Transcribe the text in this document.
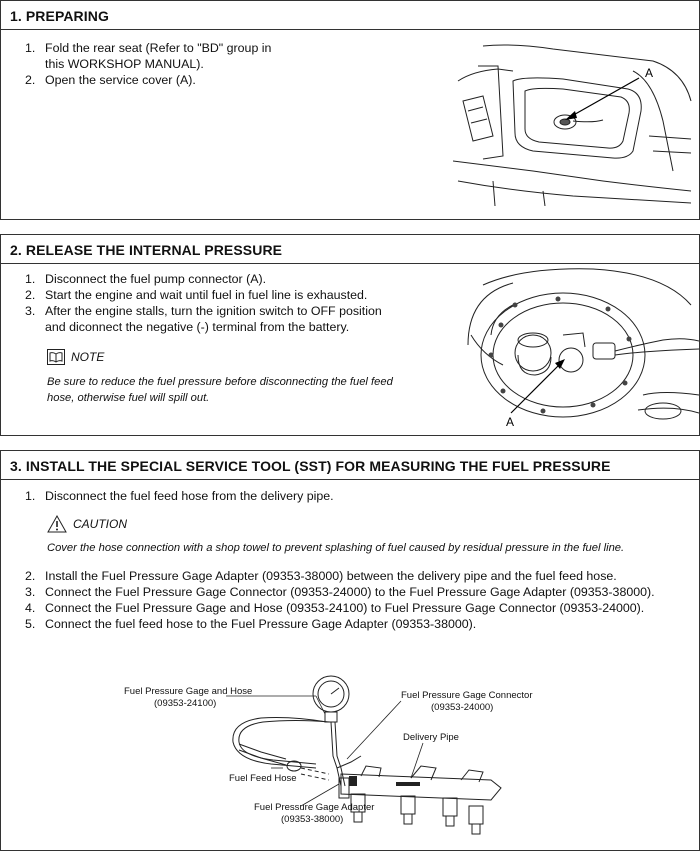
1. PREPARING
1. Fold the rear seat (Refer to "BD" group in
this WORKSHOP MANUAL).
2. Open the service cover (A).	A
2. RELEASE THE INTERNAL PRESSURE
1. Disconnect the fuel pump connector (A).
2. Start the engine and wait until fuel in fuel line is exhausted.
3. After the engine stalls, turn the ignition switch to OFF position
and diconnect the negative (-) terminal from the battery.
NOTE
Be sure to reduce the fuel pressure before disconnecting the fuel feed
hose, otherwise fuel will spill out.
A
3. INSTALL THE SPECIAL SERVICE TOOL (SST) FOR MEASURING THE FUEL PRESSURE
1. Disconnect the fuel feed hose from the delivery pipe.
CAUTION
Cover the hose connection with a shop towel to prevent splashing of fuel caused by residual pressure in the fuel line.
2. Install the Fuel Pressure Gage Adapter (09353-38000) between the delivery pipe and the fuel feed hose.
3. Connect the Fuel Pressure Gage Connector (09353-24000) to the Fuel Pressure Gage Adapter (09353-38000).
4. Connect the Fuel Pressure Gage and Hose (09353-24100) to Fuel Pressure Gage Connector (09353-24000).
5. Connect the fuel feed hose to the Fuel Pressure Gage Adapter (09353-38000).
Fuel Pressure Gage and Hose
(09353-24100)
Fuel Pressure Gage Connector
(09353-24000)
Delivery Pipe
Fuel Feed Hose
Fuel Pressure Gage Adapter
(09353-38000)
